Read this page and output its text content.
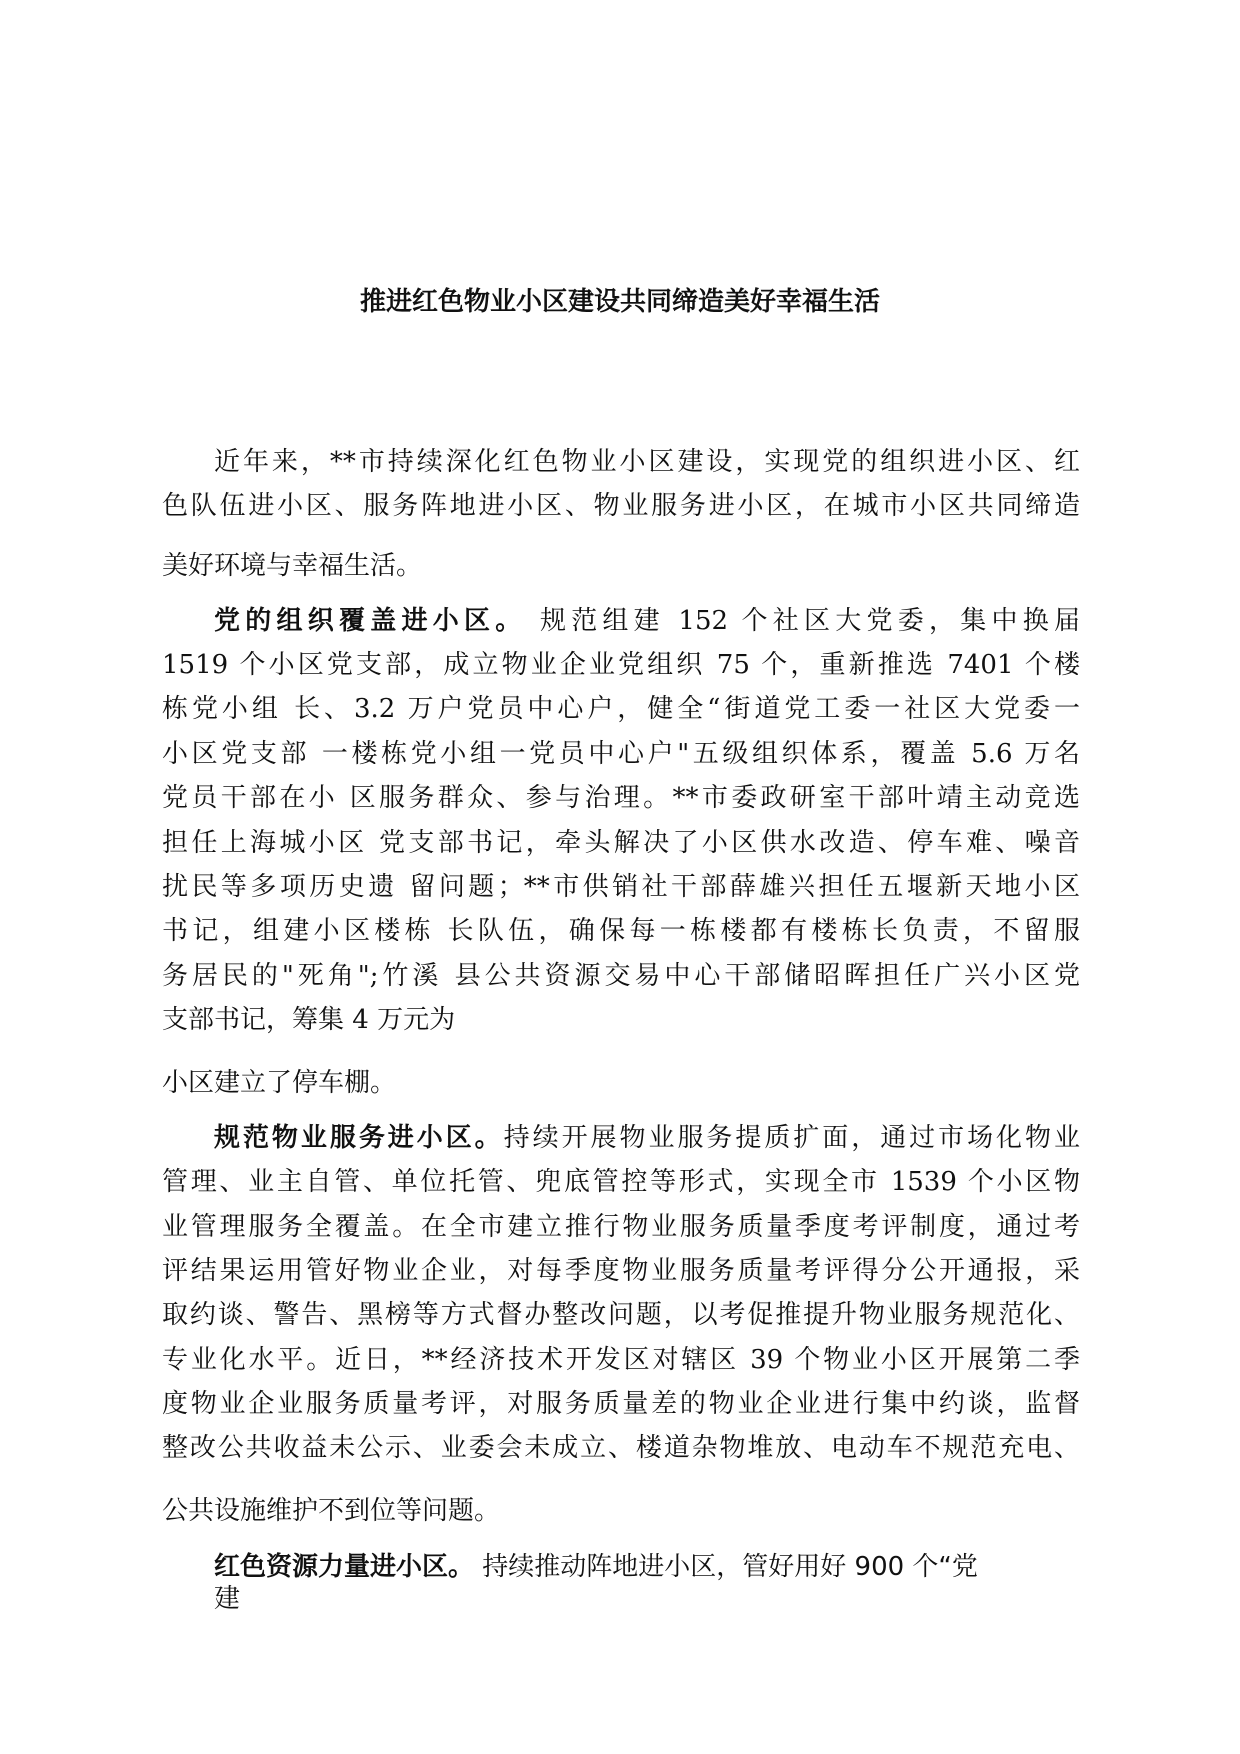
推进红色物业小区建设共同缔造美好幸福生活

近年来，**市持续深化红色物业小区建设，实现党的组织进小区、红

色队伍进小区、服务阵地进小区、物业服务进小区，在城市小区共同缔造

美好环境与幸福生活。

党的组织覆盖进小区。 规范组建 152 个社区大党委，集中换届

1519 个小区党支部，成立物业企业党组织 75 个，重新推选 7401 个楼

栋党小组 长、3.2 万户党员中心户，健全“街道党工委一社区大党委一

小区党支部 一楼栋党小组一党员中心户"五级组织体系，覆盖 5.6 万名

党员干部在小 区服务群众、参与治理。**市委政研室干部叶靖主动竞选

担任上海城小区 党支部书记，牵头解决了小区供水改造、停车难、噪音

扰民等多项历史遗 留问题；**市供销社干部薛雄兴担任五堰新天地小区

书记，组建小区楼栋 长队伍，确保每一栋楼都有楼栋长负责，不留服

务居民的"死角";竹溪 县公共资源交易中心干部储昭晖担任广兴小区党

支部书记，筹集 4 万元为

小区建立了停车棚。

规范物业服务进小区。持续开展物业服务提质扩面，通过市场化物业

管理、业主自管、单位托管、兜底管控等形式，实现全市 1539 个小区物

业管理服务全覆盖。在全市建立推行物业服务质量季度考评制度，通过考

评结果运用管好物业企业，对每季度物业服务质量考评得分公开通报，采

取约谈、警告、黑榜等方式督办整改问题，以考促推提升物业服务规范化、

专业化水平。近日，**经济技术开发区对辖区 39 个物业小区开展第二季

度物业企业服务质量考评，对服务质量差的物业企业进行集中约谈，监督

整改公共收益未公示、业委会未成立、楼道杂物堆放、电动车不规范充电、

公共设施维护不到位等问题。

红色资源力量进小区。 持续推动阵地进小区，管好用好 900 个“党

建
